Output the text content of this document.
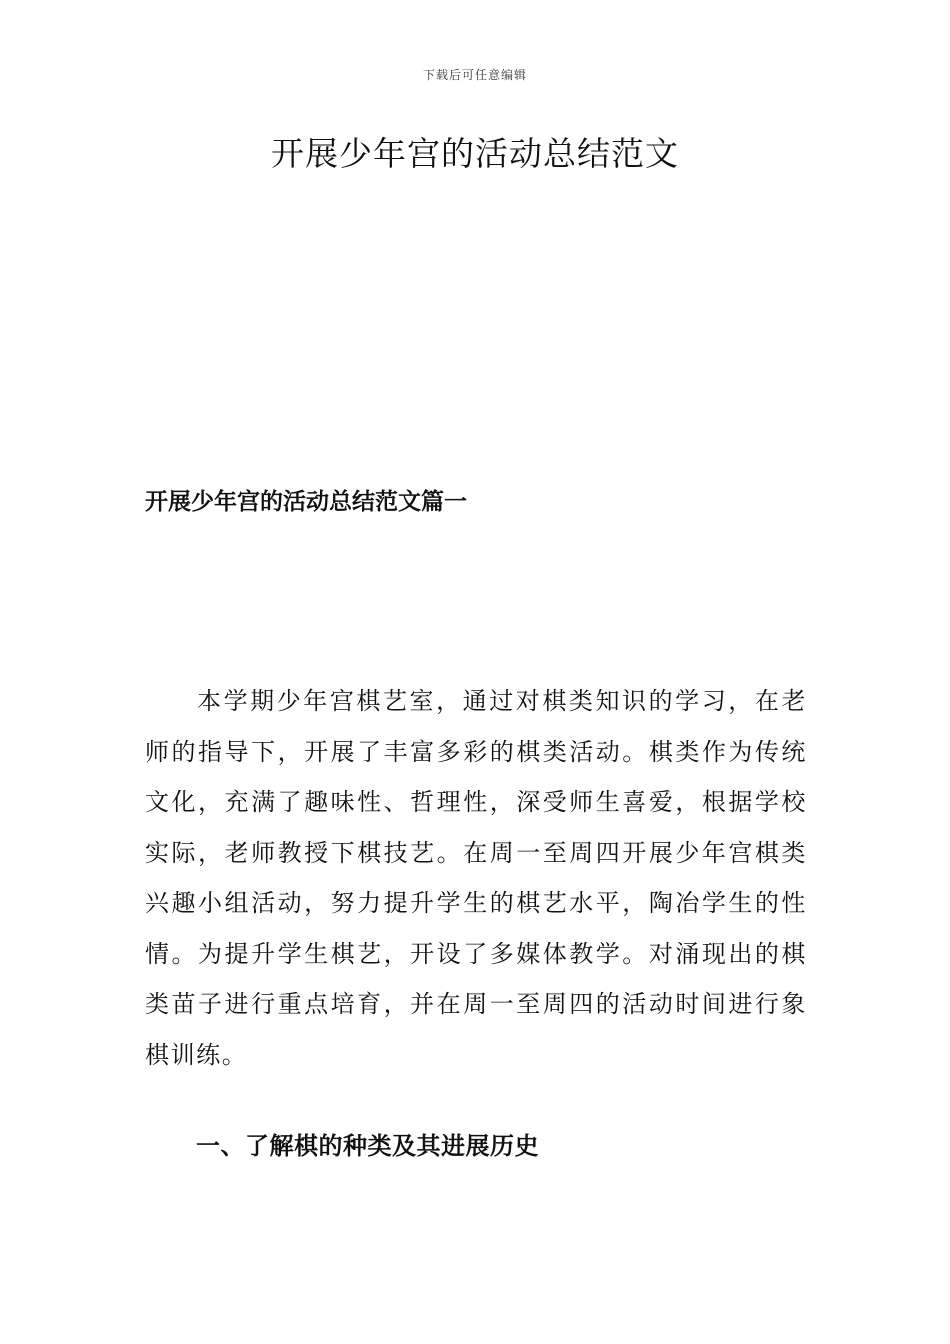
下载后可任意编辑
开展少年宫的活动总结范文
开展少年宫的活动总结范文篇一

本学期少年宫棋艺室，通过对棋类知识的学习，在老师的指导下，开展了丰富多彩的棋类活动。棋类作为传统文化，充满了趣味性、哲理性，深受师生喜爱，根据学校实际，老师教授下棋技艺。在周一至周四开展少年宫棋类兴趣小组活动，努力提升学生的棋艺水平，陶冶学生的性情。为提升学生棋艺，开设了多媒体教学。对涌现出的棋类苗子进行重点培育，并在周一至周四的活动时间进行象棋训练。

一、了解棋的种类及其进展历史
